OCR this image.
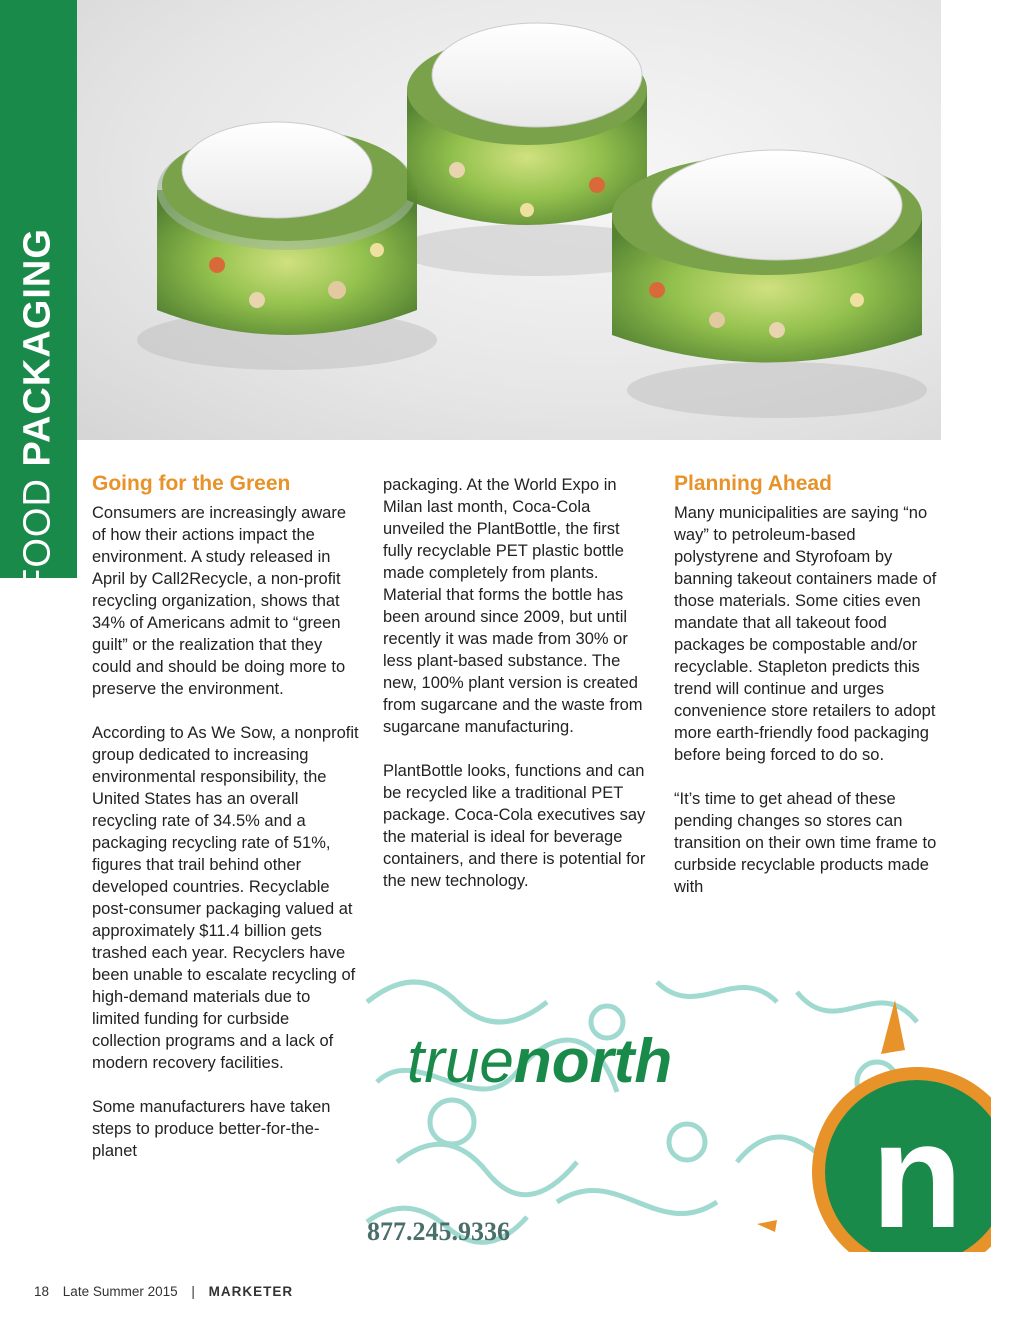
FOOD PACKAGING
Going for the Green

Consumers are increasingly aware of how their actions impact the environment. A study released in April by Call2Recycle, a non-profit recycling organization, shows that 34% of Americans admit to “green guilt” or the realization that they could and should be doing more to preserve the environment.

According to As We Sow, a nonprofit group dedicated to increasing environmental responsibility, the United States has an overall recycling rate of 34.5% and a packaging recycling rate of 51%, figures that trail behind other developed countries. Recyclable post-consumer packaging valued at approximately $11.4 billion gets trashed each year. Recyclers have been unable to escalate recycling of high-demand materials due to limited funding for curbside collection programs and a lack of modern recovery facilities.

Some manufacturers have taken steps to produce better-for-the-planet

packaging. At the World Expo in Milan last month, Coca-Cola unveiled the PlantBottle, the first fully recyclable PET plastic bottle made completely from plants. Material that forms the bottle has been around since 2009, but until recently it was made from 30% or less plant-based substance. The new, 100% plant version is created from sugarcane and the waste from sugarcane manufacturing.

PlantBottle looks, functions and can be recycled like a traditional PET package. Coca-Cola executives say the material is ideal for beverage containers, and there is potential for the new technology.

Planning Ahead

Many municipalities are saying “no way” to petroleum-based polystyrene and Styrofoam by banning takeout containers made of those materials. Some cities even mandate that all takeout food packages be compostable and/or recyclable. Stapleton predicts this trend will continue and urges convenience store retailers to adopt more earth-friendly food packaging before being forced to do so.

“It’s time to get ahead of these pending changes so stores can transition on their own time frame to curbside recyclable products made with

truenorth
n
877.245.9336
18 Late Summer 2015 | MARKETER
